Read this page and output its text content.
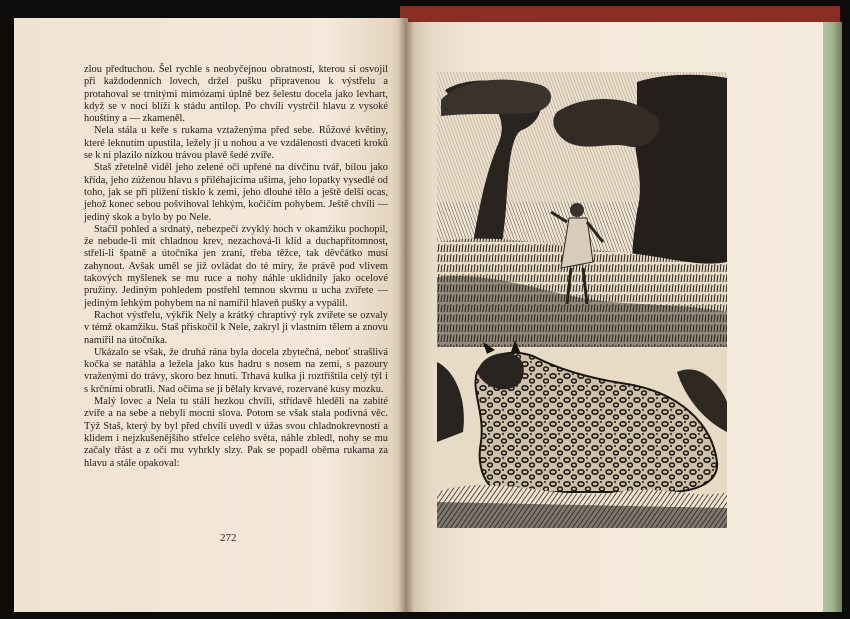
zlou předtuchou. Šel rychle s neobyčejnou obratností, kterou si osvojil při každodenních lovech, držel pušku připravenou k výstřelu a protahoval se trnitými mimózami úplně bez šelestu docela jako levhart, když se v noci blíží k stádu antilop. Po chvíli vystrčil hlavu z vysoké houštiny a — zkameněl.

Nela stála u keře s rukama vztaženýma před sebe. Růžové květiny, které leknutím upustila, ležely jí u nohou a ve vzdálenosti dvaceti kroků se k ní plazilo nízkou trávou plavě šedé zvíře.

Staš zřetelně viděl jeho zelené oči upřené na dívčinu tvář, bílou jako křída, jeho zúženou hlavu s přiléhajícíma ušima, jeho lopatky vysedlé od toho, jak se při plížení tisklo k zemi, jeho dlouhé tělo a ještě delší ocas, jehož konec sebou pošvihoval lehkým, kočičím pohybem. Ještě chvíli — jediný skok a bylo by po Nele.

Stačil pohled a srdnatý, nebezpečí zvyklý hoch v okamžiku pochopil, že nebude-li mít chladnou krev, nezachová-li klid a duchapřítomnost, střelí-li špatně a útočníka jen zraní, třeba těžce, tak děvčátko musí zahynout. Avšak uměl se již ovládat do té míry, že právě pod vlivem takových myšlenek se mu ruce a nohy náhle uklidnily jako ocelové pružiny. Jediným pohledem postřehl temnou skvrnu u ucha zvířete — jediným lehkým pohybem na ni namířil hlaveň pušky a vypálil.

Rachot výstřelu, výkřik Nely a krátký chraptivý ryk zvířete se ozvaly v témž okamžiku. Staš přiskočil k Nele, zakryl ji vlastním tělem a znovu namířil na útočníka.

Ukázalo se však, že druhá rána byla docela zbytečná, neboť strašlivá kočka se natáhla a ležela jako kus hadru s nosem na zemi, s pazoury vraženými do trávy, skoro bez hnutí. Trhavá kulka ji roztříštila celý týl i s krčními obratli. Nad očima se jí bělaly krvavé, rozervané kusy mozku.

Malý lovec a Nela tu stáli hezkou chvíli, střídavě hleděli na zabité zvíře a na sebe a nebyli mocni slova. Potom se však stala podivná věc. Týž Staš, který by byl před chvílí uvedl v úžas svou chladnokrevností a klidem i nejzkušenějšího střelce celého světa, náhle zbledl, nohy se mu začaly třást a z očí mu vyhrkly slzy. Pak se popadl oběma rukama za hlavu a stále opakoval:

272
